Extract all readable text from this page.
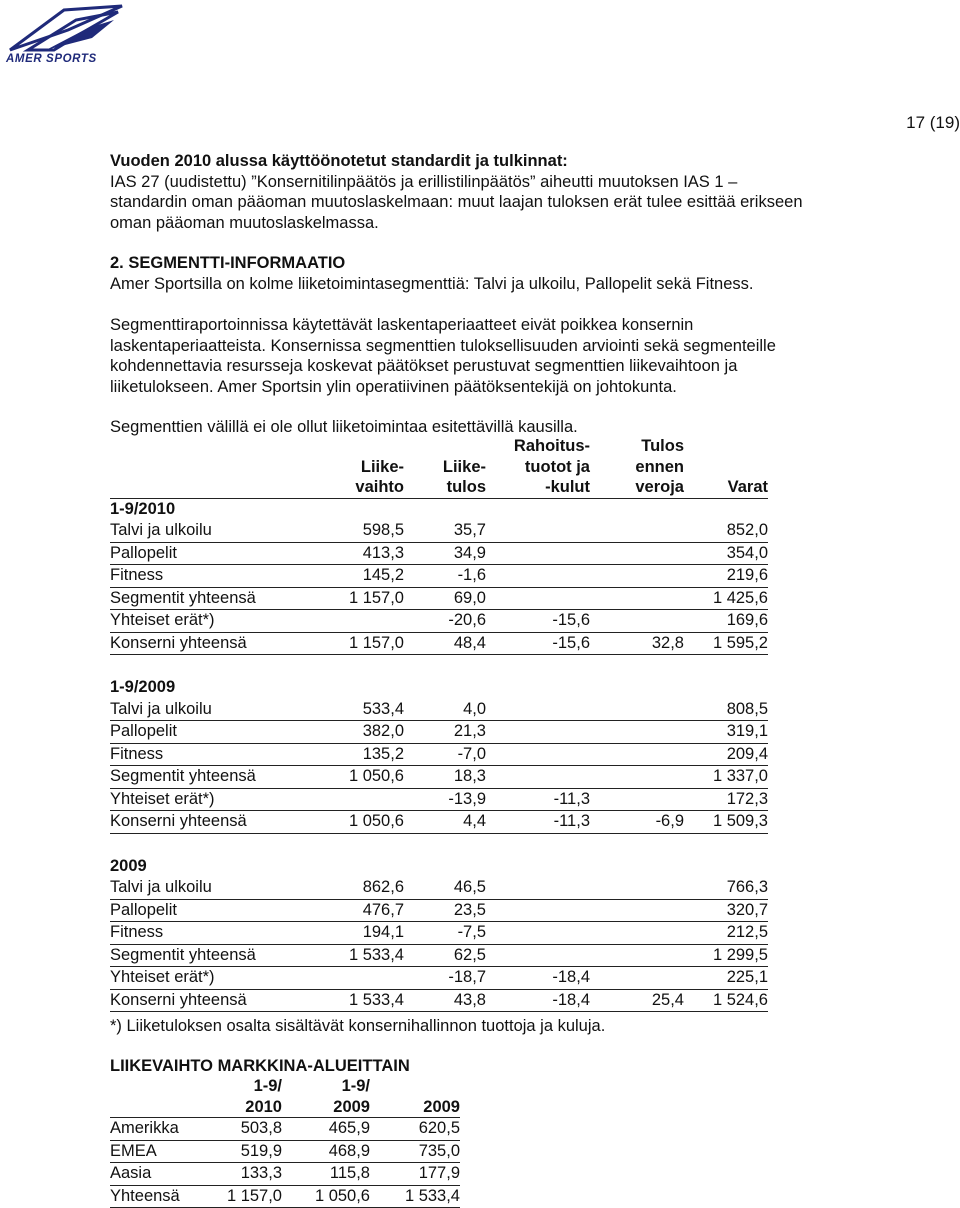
AMER SPORTS
17 (19)
Vuoden 2010 alussa käyttöönotetut standardit ja tulkinnat:
IAS 27 (uudistettu) ”Konsernitilinpäätös ja erillistilinpäätös” aiheutti muutoksen IAS 1 –
standardin oman pääoman muutoslaskelmaan: muut laajan tuloksen erät tulee esittää erikseen
oman pääoman muutoslaskelmassa.
2. SEGMENTTI-INFORMAATIO
Amer Sportsilla on kolme liiketoimintasegmenttiä: Talvi ja ulkoilu, Pallopelit sekä Fitness.
Segmenttiraportoinnissa käytettävät laskentaperiaatteet eivät poikkea konsernin
laskentaperiaatteista. Konsernissa segmenttien tuloksellisuuden arviointi sekä segmenteille
kohdennettavia resursseja koskevat päätökset perustuvat segmenttien liikevaihtoon ja
liiketulokseen. Amer Sportsin ylin operatiivinen päätöksentekijä on johtokunta.
Segmenttien välillä ei ole ollut liiketoimintaa esitettävillä kausilla.
			Rahoitus-	Tulos	
	Liike-	Liike-	tuotot ja	ennen	
	vaihto	tulos	-kulut	veroja	Varat
1-9/2010					
Talvi ja ulkoilu	598,5	35,7			852,0
Pallopelit	413,3	34,9			354,0
Fitness	145,2	-1,6			219,6
Segmentit yhteensä	1 157,0	69,0			1 425,6
Yhteiset erät*)		-20,6	-15,6		169,6
Konserni yhteensä	1 157,0	48,4	-15,6	32,8	1 595,2

1-9/2009					
Talvi ja ulkoilu	533,4	4,0			808,5
Pallopelit	382,0	21,3			319,1
Fitness	135,2	-7,0			209,4
Segmentit yhteensä	1 050,6	18,3			1 337,0
Yhteiset erät*)		-13,9	-11,3		172,3
Konserni yhteensä	1 050,6	4,4	-11,3	-6,9	1 509,3

2009					
Talvi ja ulkoilu	862,6	46,5			766,3
Pallopelit	476,7	23,5			320,7
Fitness	194,1	-7,5			212,5
Segmentit yhteensä	1 533,4	62,5			1 299,5
Yhteiset erät*)		-18,7	-18,4		225,1
Konserni yhteensä	1 533,4	43,8	-18,4	25,4	1 524,6
*) Liiketuloksen osalta sisältävät konsernihallinnon tuottoja ja kuluja.
LIIKEVAIHTO MARKKINA-ALUEITTAIN
	1-9/	1-9/	
	2010	2009	2009
Amerikka	503,8	465,9	620,5
EMEA	519,9	468,9	735,0
Aasia	133,3	115,8	177,9
Yhteensä	1 157,0	1 050,6	1 533,4
